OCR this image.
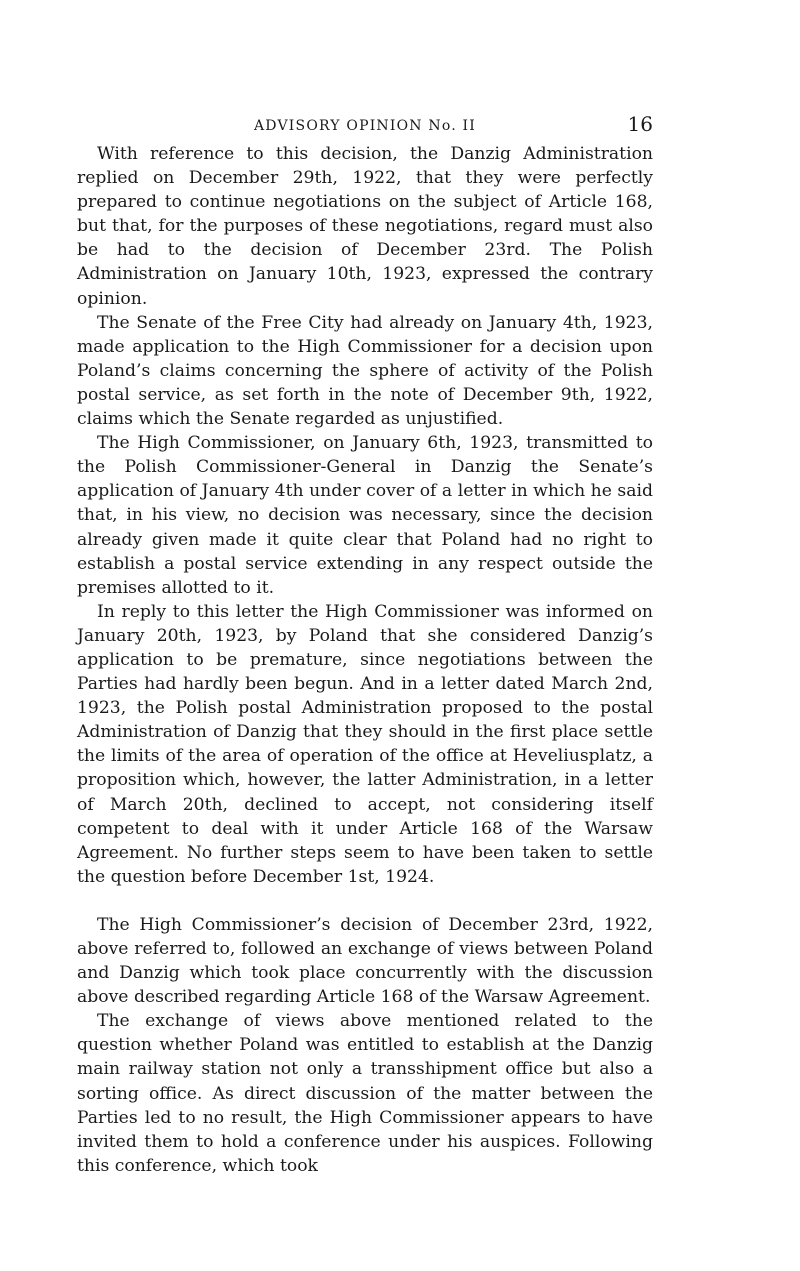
ADVISORY OPINION No. II	16

With reference to this decision, the Danzig Administration replied on December 29th, 1922, that they were perfectly prepared to continue negotiations on the subject of Article 168, but that, for the purposes of these negotiations, regard must also be had to the decision of December 23rd. The Polish Administration on January 10th, 1923, expressed the contrary opinion.

The Senate of the Free City had already on January 4th, 1923, made application to the High Commissioner for a decision upon Poland’s claims concerning the sphere of activity of the Polish postal service, as set forth in the note of December 9th, 1922, claims which the Senate regarded as unjustified.

The High Commissioner, on January 6th, 1923, transmitted to the Polish Commissioner-General in Danzig the Senate’s application of January 4th under cover of a letter in which he said that, in his view, no decision was necessary, since the decision already given made it quite clear that Poland had no right to establish a postal service extending in any respect outside the premises allotted to it.

In reply to this letter the High Commissioner was informed on January 20th, 1923, by Poland that she considered Danzig’s application to be premature, since negotiations between the Parties had hardly been begun. And in a letter dated March 2nd, 1923, the Polish postal Administration proposed to the postal Administration of Danzig that they should in the first place settle the limits of the area of operation of the office at Heveliusplatz, a proposition which, however, the latter Administration, in a letter of March 20th, declined to accept, not considering itself competent to deal with it under Article 168 of the Warsaw Agreement. No further steps seem to have been taken to settle the question before December 1st, 1924.

The High Commissioner’s decision of December 23rd, 1922, above referred to, followed an exchange of views between Poland and Danzig which took place concurrently with the discussion above described regarding Article 168 of the Warsaw Agreement.

The exchange of views above mentioned related to the question whether Poland was entitled to establish at the Danzig main railway station not only a transshipment office but also a sorting office. As direct discussion of the matter between the Parties led to no result, the High Commissioner appears to have invited them to hold a conference under his auspices. Following this conference, which took
